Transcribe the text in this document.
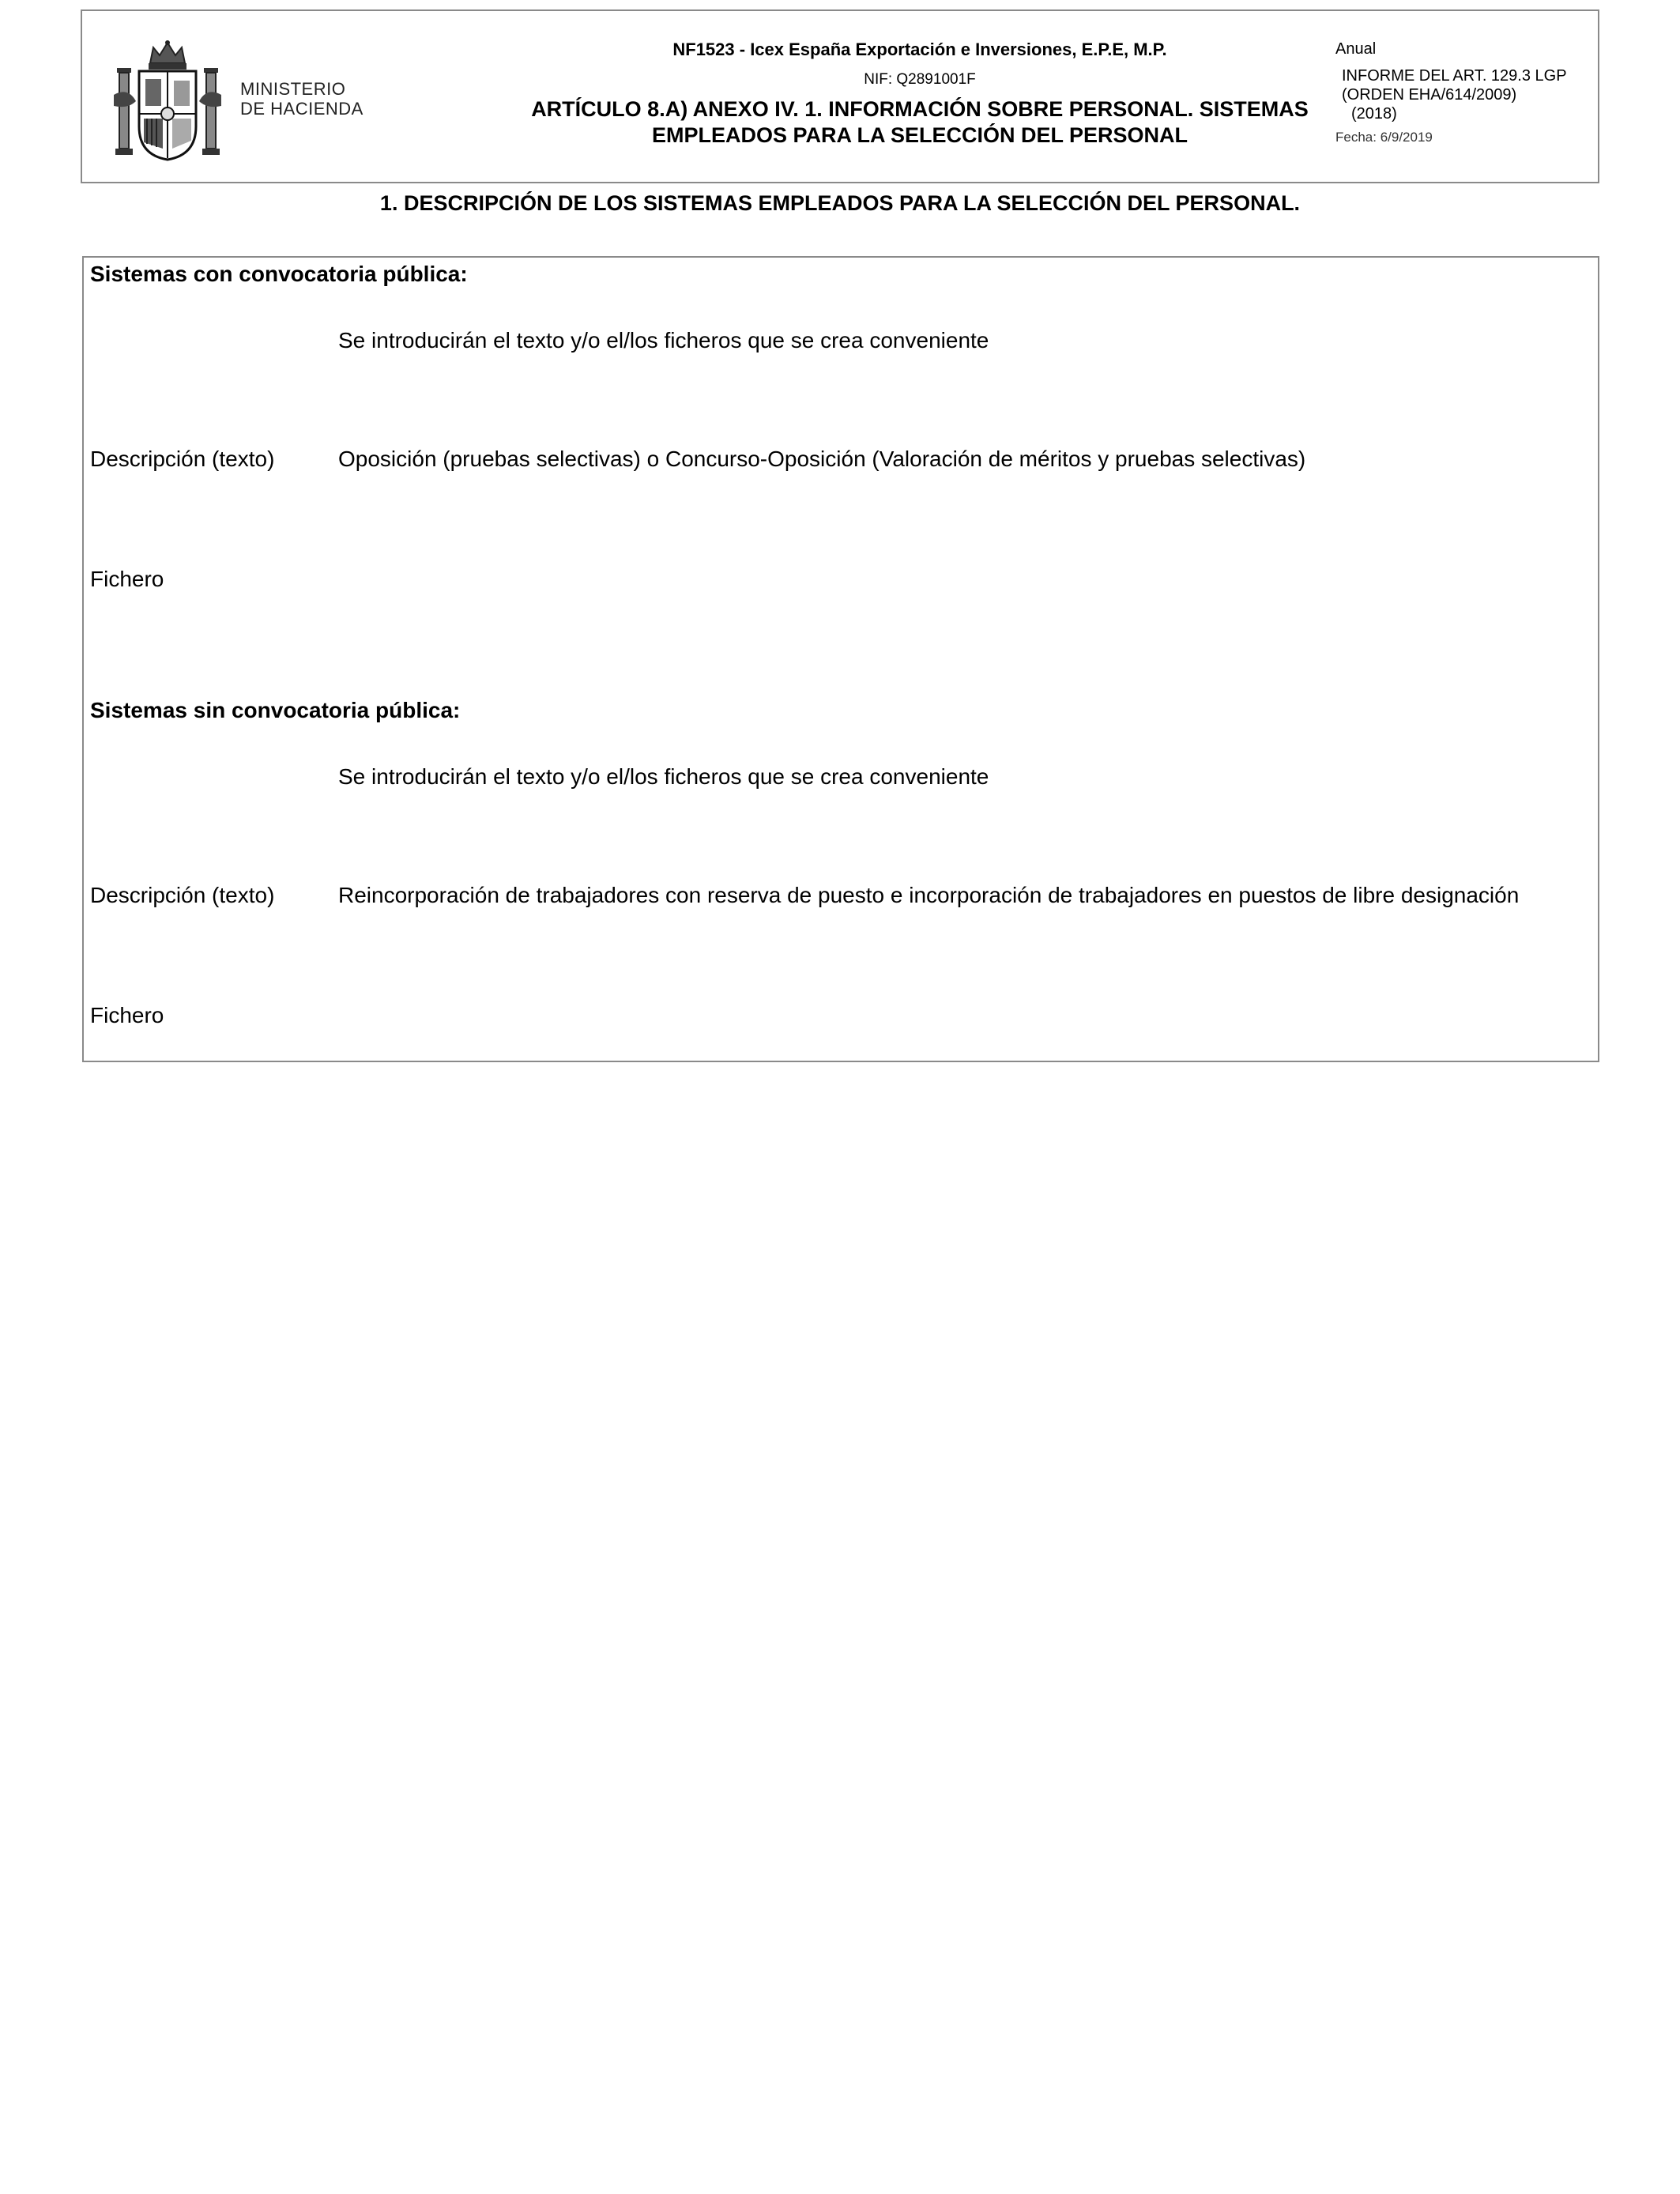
MINISTERIO
DE HACIENDA
NF1523 - Icex España Exportación e Inversiones, E.P.E, M.P.
NIF: Q2891001F
ARTÍCULO 8.A) ANEXO IV. 1. INFORMACIÓN SOBRE PERSONAL. SISTEMAS
EMPLEADOS PARA LA SELECCIÓN DEL PERSONAL
Anual
INFORME DEL ART. 129.3 LGP
(ORDEN EHA/614/2009)
(2018)
Fecha: 6/9/2019
1. DESCRIPCIÓN DE LOS SISTEMAS EMPLEADOS PARA LA SELECCIÓN DEL PERSONAL.
Sistemas con convocatoria pública:
Se introducirán el texto y/o el/los ficheros que se crea conveniente
Descripción (texto)	Oposición (pruebas selectivas) o Concurso-Oposición (Valoración de méritos y pruebas selectivas)
Fichero
Sistemas sin convocatoria pública:
Se introducirán el texto y/o el/los ficheros que se crea conveniente
Descripción (texto)	Reincorporación de trabajadores con reserva de puesto e incorporación de trabajadores en puestos de libre designación
Fichero
